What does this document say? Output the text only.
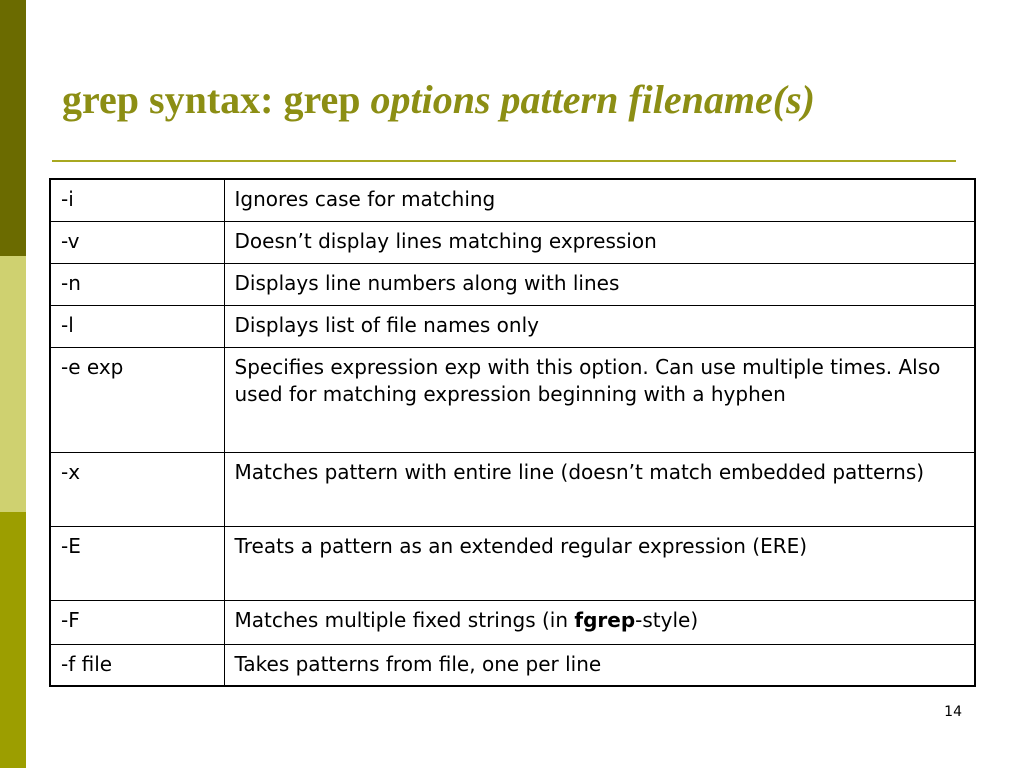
grep syntax: grep options pattern filename(s)
-i	Ignores case for matching
-v	Doesn’t display lines matching expression
-n	Displays line numbers along with lines
-l	Displays list of file names only
-e exp	Specifies expression exp with this option. Can use multiple times. Also used for matching expression beginning with a hyphen
-x	Matches pattern with entire line (doesn’t match embedded patterns)
-E	Treats a pattern as an extended regular expression (ERE)
-F	Matches multiple fixed strings (in fgrep-style)
-f file	Takes patterns from file, one per line
14
